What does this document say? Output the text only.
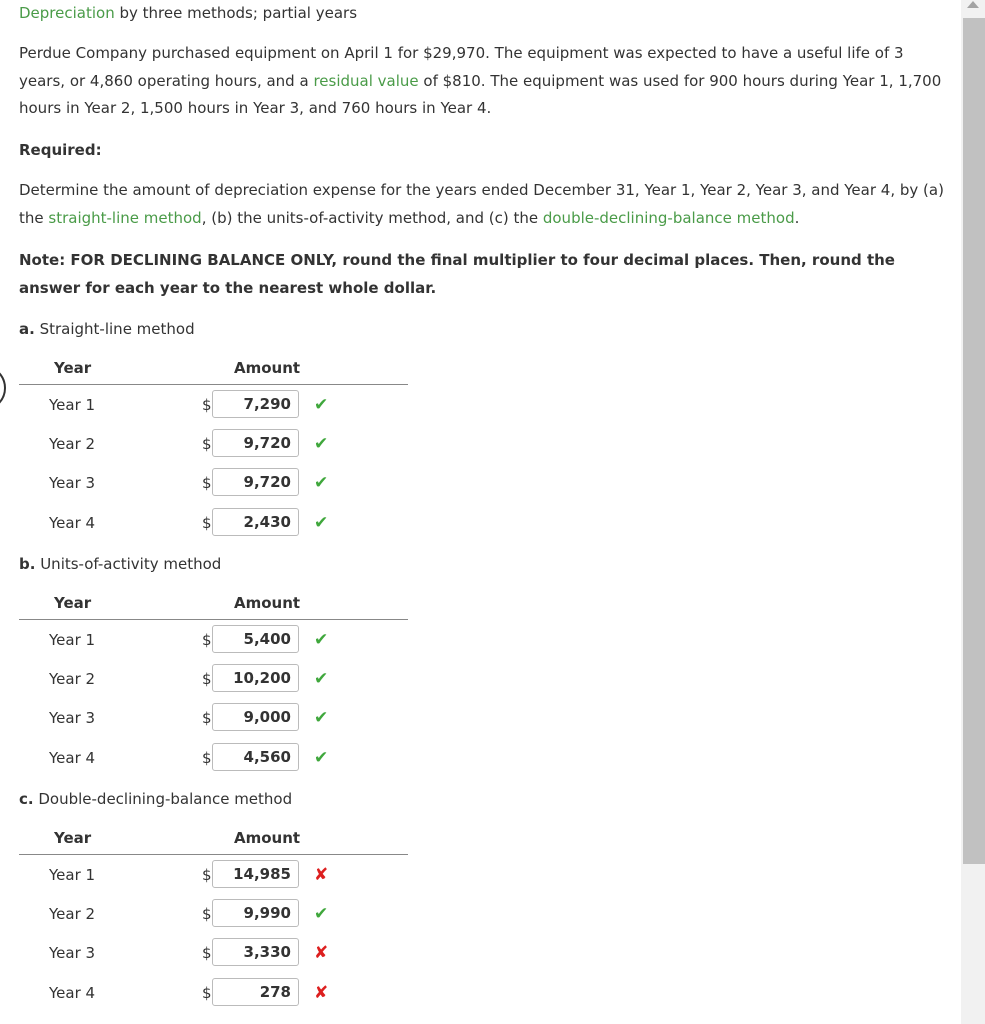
Depreciation by three methods; partial years
Perdue Company purchased equipment on April 1 for $29,970. The equipment was expected to have a useful life of 3 years, or 4,860 operating hours, and a residual value of $810. The equipment was used for 900 hours during Year 1, 1,700 hours in Year 2, 1,500 hours in Year 3, and 760 hours in Year 4.
Required:
Determine the amount of depreciation expense for the years ended December 31, Year 1, Year 2, Year 3, and Year 4, by (a) the straight-line method, (b) the units-of-activity method, and (c) the double-declining-balance method.
Note: FOR DECLINING BALANCE ONLY, round the final multiplier to four decimal places. Then, round the answer for each year to the nearest whole dollar.
a. Straight-line method
Year	Amount
Year 1	$	7,290	✔
Year 2	$	9,720	✔
Year 3	$	9,720	✔
Year 4	$	2,430	✔
b. Units-of-activity method
Year	Amount
Year 1	$	5,400	✔
Year 2	$	10,200	✔
Year 3	$	9,000	✔
Year 4	$	4,560	✔
c. Double-declining-balance method
Year	Amount
Year 1	$	14,985	✘
Year 2	$	9,990	✔
Year 3	$	3,330	✘
Year 4	$	278	✘
